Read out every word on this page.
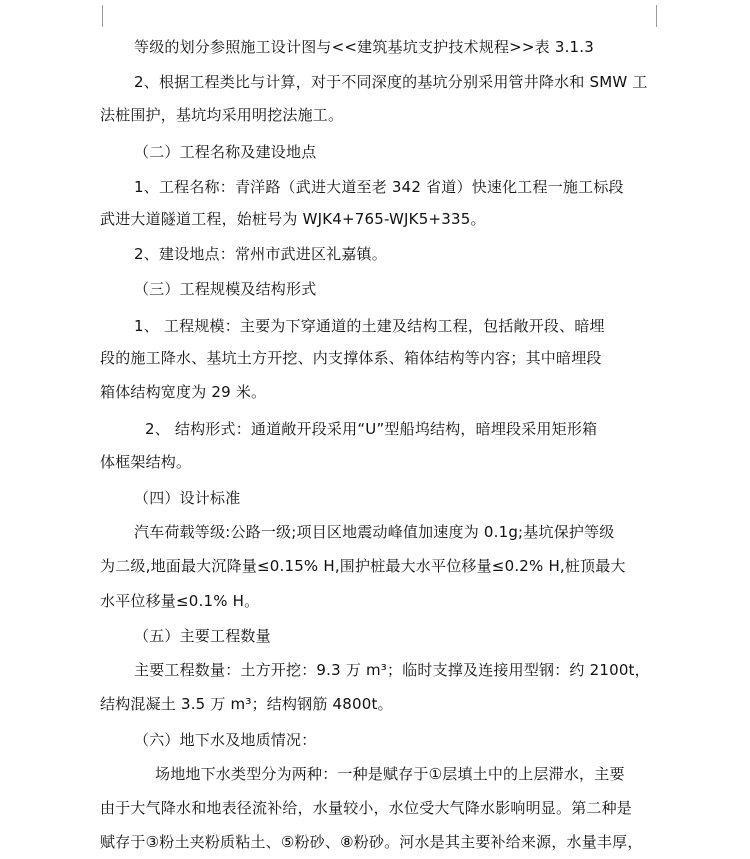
等级的划分参照施工设计图与<<建筑基坑支护技术规程>>表 3.1.3
2、根据工程类比与计算，对于不同深度的基坑分别采用管井降水和 SMW 工
法桩围护，基坑均采用明挖法施工。
（二）工程名称及建设地点
1、工程名称：青洋路（武进大道至老 342 省道）快速化工程一施工标段
武进大道隧道工程，始桩号为 WJK4+765-WJK5+335。
2、建设地点：常州市武进区礼嘉镇。
（三）工程规模及结构形式
1、 工程规模：主要为下穿通道的土建及结构工程，包括敞开段、暗埋
段的施工降水、基坑土方开挖、内支撑体系、箱体结构等内容；其中暗埋段
箱体结构宽度为 29 米。
2、 结构形式：通道敞开段采用“U”型船坞结构，暗埋段采用矩形箱
体框架结构。
（四）设计标准
汽车荷载等级:公路一级;项目区地震动峰值加速度为 0.1g;基坑保护等级
为二级,地面最大沉降量≤0.15% H,围护桩最大水平位移量≤0.2% H,桩顶最大
水平位移量≤0.1% H。
（五）主要工程数量
主要工程数量：土方开挖：9.3 万 m³；临时支撑及连接用型钢：约 2100t，
结构混凝土 3.5 万 m³；结构钢筋 4800t。
（六）地下水及地质情况：
场地地下水类型分为两种：一种是赋存于①层填土中的上层滞水，主要
由于大气降水和地表径流补给，水量较小，水位受大气降水影响明显。第二种是
赋存于③粉土夹粉质粘土、⑤粉砂、⑧粉砂。河水是其主要补给来源，水量丰厚，
